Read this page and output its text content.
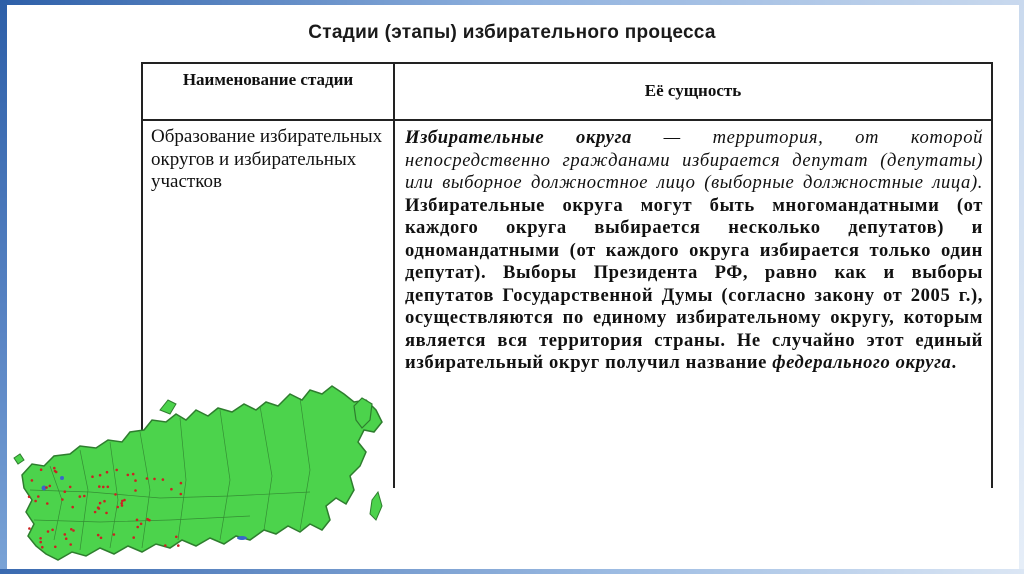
Стадии (этапы) избирательного процесса
Наименование стадии
Её сущность
Образование избирательных округов и избирательных участков
Избирательные округа — территория, от которой непосредственно гражданами избирается депутат (депутаты) или выборное должностное лицо (выборные должностные лица). Избирательные округа могут быть многомандатными (от каждого округа выбирается несколько депутатов) и одномандатными (от каждого округа избирается только один депутат). Выборы Президента РФ, равно как и выборы депутатов Государственной Думы (согласно закону от 2005 г.), осуществляются по единому избирательному округу, которым является вся территория страны. Не случайно этот единый избирательный округ получил название федерального округа.
